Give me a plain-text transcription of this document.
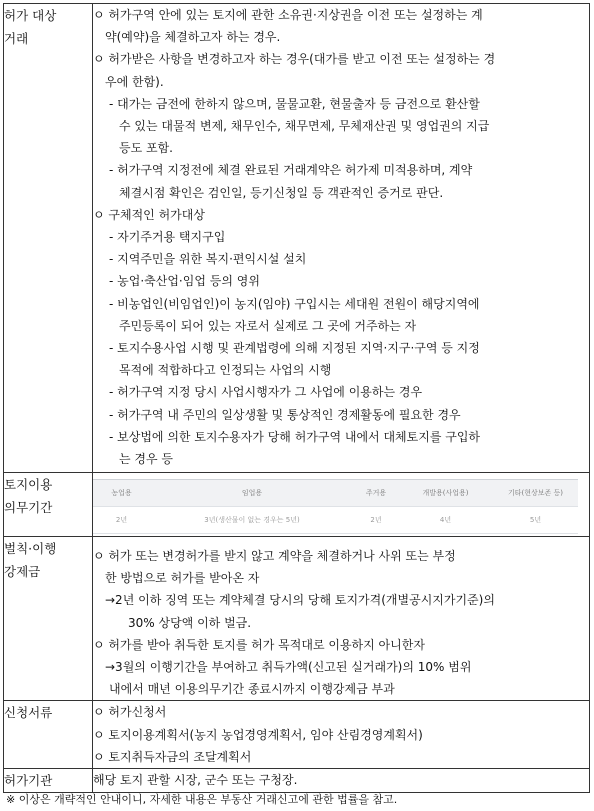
허가 대상
거래

ㅇ 허가구역 안에 있는 토지에 관한 소유권·지상권을 이전 또는 설정하는 계
약(예약)을 체결하고자 하는 경우.
ㅇ 허가받은 사항을 변경하고자 하는 경우(대가를 받고 이전 또는 설정하는 경
우에 한함).
- 대가는 금전에 한하지 않으며, 물물교환, 현물출자 등 금전으로 환산할
수 있는 대물적 변제, 채무인수, 채무면제, 무체재산권 및 영업권의 지급
등도 포함.
- 허가구역 지정전에 체결 완료된 거래계약은 허가제 미적용하며, 계약
체결시점 확인은 검인일, 등기신청일 등 객관적인 증거로 판단.
ㅇ 구체적인 허가대상
- 자기주거용 택지구입
- 지역주민을 위한 복지·편익시설 설치
- 농업·축산업·임업 등의 영위
- 비농업인(비임업인)이 농지(임야) 구입시는 세대원 전원이 해당지역에
주민등록이 되어 있는 자로서 실제로 그 곳에 거주하는 자
- 토지수용사업 시행 및 관계법령에 의해 지정된 지역·지구·구역 등 지정
목적에 적합하다고 인정되는 사업의 시행
- 허가구역 지정 당시 사업시행자가 그 사업에 이용하는 경우
- 허가구역 내 주민의 일상생활 및 통상적인 경제활동에 필요한 경우
- 보상법에 의한 토지수용자가 당해 허가구역 내에서 대체토지를 구입하
는 경우 등

토지이용
의무기간

농업용	임업용	주거용	개발용(사업용)	기타(현상보존 등)
2년	3년(생산물이 없는 경우는 5년)	2년	4년	5년

벌칙·이행
강제금

ㅇ 허가 또는 변경허가를 받지 않고 계약을 체결하거나 사위 또는 부정
한 방법으로 허가를 받아온 자
→2년 이하 징역 또는 계약체결 당시의 당해 토지가격(개별공시지가기준)의
30% 상당액 이하 벌금.
ㅇ 허가를 받아 취득한 토지를 허가 목적대로 이용하지 아니한자
→3월의 이행기간을 부여하고 취득가액(신고된 실거래가)의 10% 범위
내에서 매년 이용의무기간 종료시까지 이행강제금 부과

신청서류	ㅇ 허가신청서
ㅇ 토지이용계획서(농지 농업경영계획서, 임야 산림경영계획서)
ㅇ 토지취득자금의 조달계획서

허가기관	해당 토지 관할 시장, 군수 또는 구청장.
※ 이상은 개략적인 안내이니, 자세한 내용은 부동산 거래신고에 관한 법률을 참고.
